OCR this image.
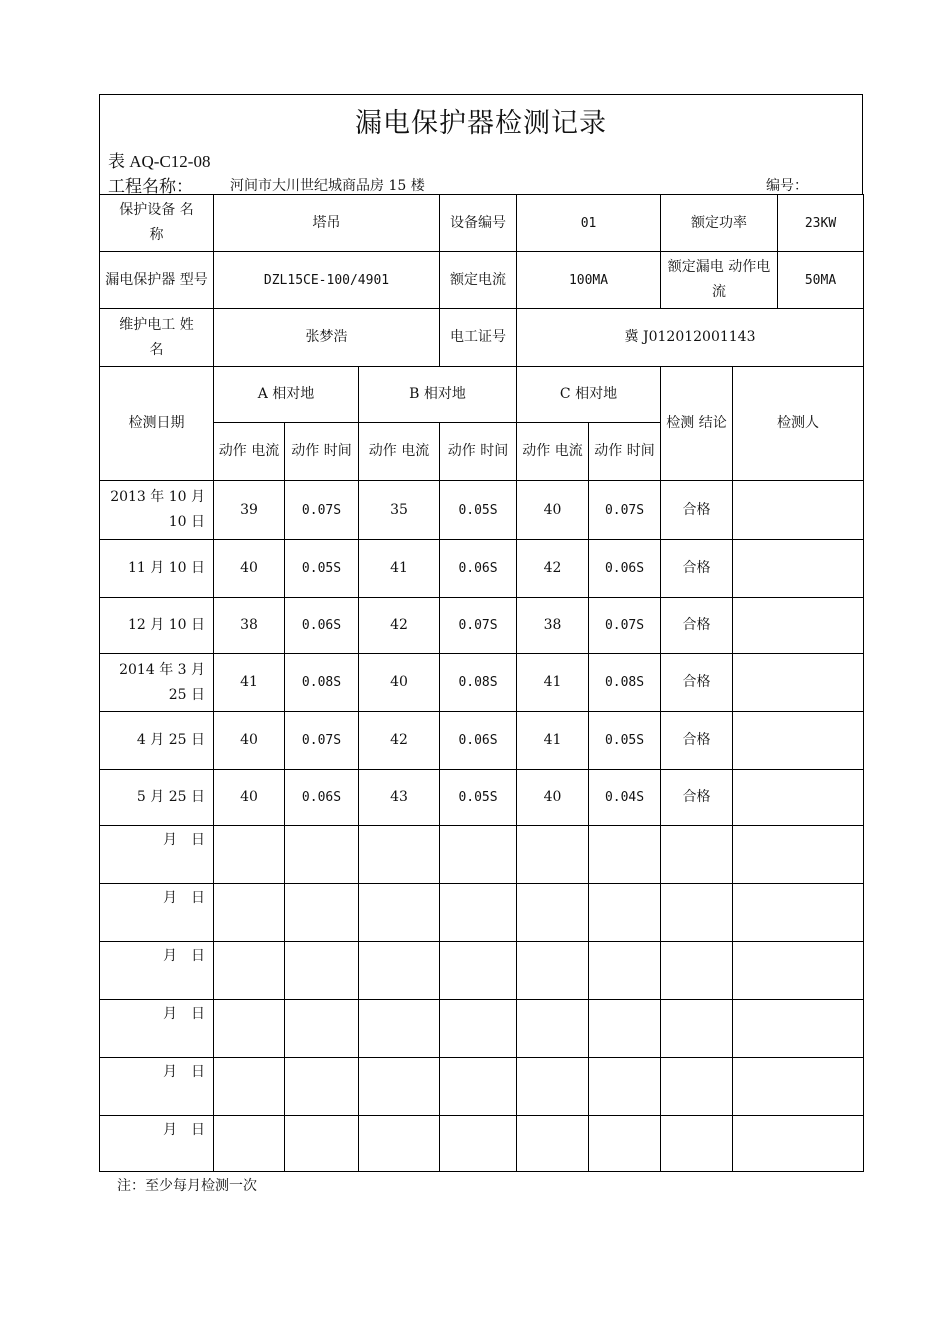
漏电保护器检测记录
表 AQ-C12-08
工程名称：	河间市大川世纪城商品房 15 楼	编号：
保护设备 名　　称	塔吊			设备编号	01		额定功率		23KW
漏电保护器 型号	DZL15CE-100/4901			额定电流	100MA		额定漏电 动作电流		50MA
维护电工 姓　　名	张梦浩			电工证号	冀 J012012001143				
检测日期	A 相对地		B 相对地		C 相对地		检测 结论	检测人	
	动作 电流	动作 时间	动作 电流	动作 时间	动作 电流	动作 时间			
2013 年 10 月 10 日	39	0.07S	35	0.05S	40	0.07S	合格		
11 月 10 日	40	0.05S	41	0.06S	42	0.06S	合格		
12 月 10 日	38	0.06S	42	0.07S	38	0.07S	合格		
2014 年 3 月 25 日	41	0.08S	40	0.08S	41	0.08S	合格		
4 月 25 日	40	0.07S	42	0.06S	41	0.05S	合格		
5 月 25 日	40	0.06S	43	0.05S	40	0.04S	合格		
月　日									
月　日									
月　日									
月　日									
月　日									
月　日									
注：至少每月检测一次
